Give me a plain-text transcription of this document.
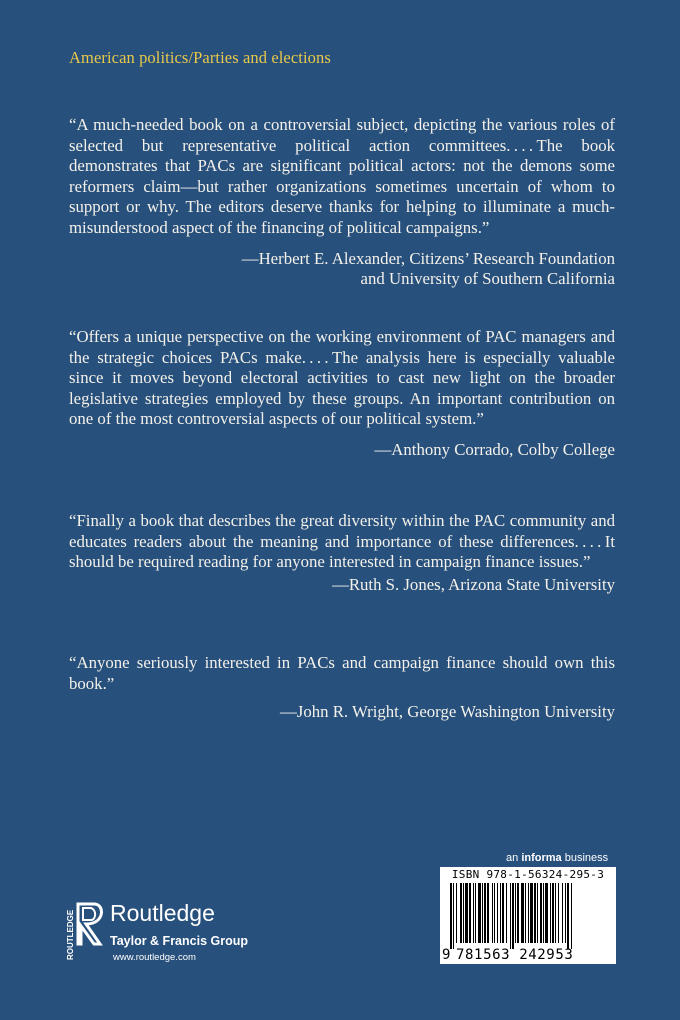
American politics/Parties and elections

“A much-needed book on a controversial subject, depicting the various roles of selected but representative political action committees. . . . The book demonstrates that PACs are significant political actors: not the demons some reformers claim—but rather organizations sometimes uncertain of whom to support or why. The editors deserve thanks for helping to illuminate a much-misunderstood aspect of the financing of political campaigns.”

—Herbert E. Alexander, Citizens’ Research Foundation
and University of Southern California

“Offers a unique perspective on the working environment of PAC managers and the strategic choices PACs make. . . . The analysis here is especially valuable since it moves beyond electoral activities to cast new light on the broader legislative strategies employed by these groups. An important contribution on one of the most controversial aspects of our political system.”

—Anthony Corrado, Colby College

“Finally a book that describes the great diversity within the PAC community and educates readers about the meaning and importance of these differences. . . . It should be required reading for anyone interested in campaign finance issues.”

—Ruth S. Jones, Arizona State University

“Anyone seriously interested in PACs and campaign finance should own this book.”

—John R. Wright, George Washington University

ROUTLEDGE Routledge
Taylor & Francis Group
www.routledge.com
an informa business
ISBN 978-1-56324-295-3
9 781563 242953
